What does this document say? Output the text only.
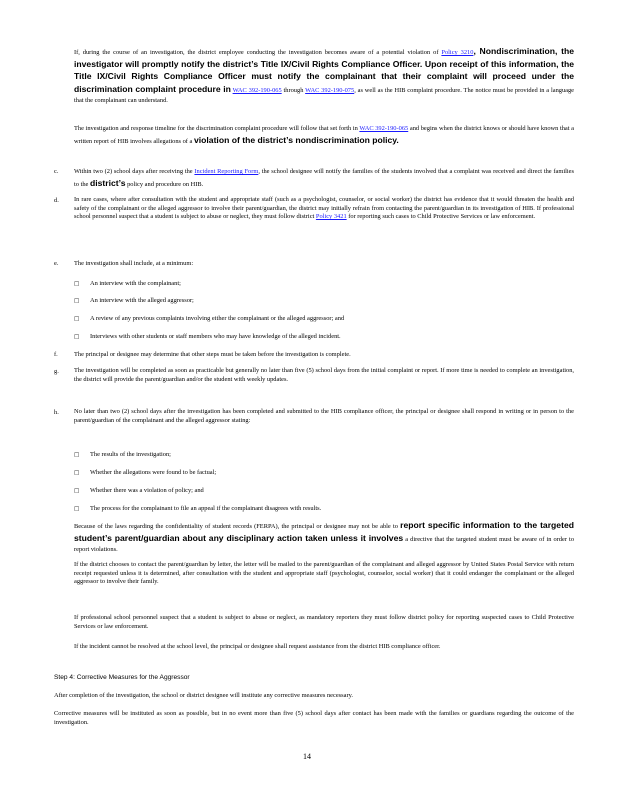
If, during the course of an investigation, the district employee conducting the investigation becomes aware of a potential violation of Policy 3210, Nondiscrimination, the investigator will promptly notify the district’s Title IX/Civil Rights Compliance Officer. Upon receipt of this information, the Title IX/Civil Rights Compliance Officer must notify the complainant that their complaint will proceed under the discrimination complaint procedure in WAC 392-190-065 through WAC 392-190-075, as well as the HIB complaint procedure. The notice must be provided in a language that the complainant can understand.
The investigation and response timeline for the discrimination complaint procedure will follow that set forth in WAC 392-190-065 and begins when the district knows or should have known that a written report of HIB involves allegations of a violation of the district’s nondiscrimination policy.
c.	Within two (2) school days after receiving the Incident Reporting Form, the school designee will notify the families of the students involved that a complaint was received and direct the families to the district’s policy and procedure on HIB.
d.	In rare cases, where after consultation with the student and appropriate staff (such as a psychologist, counselor, or social worker) the district has evidence that it would threaten the health and safety of the complainant or the alleged aggressor to involve their parent/guardian, the district may initially refrain from contacting the parent/guardian in its investigation of HIB. If professional school personnel suspect that a student is subject to abuse or neglect, they must follow district Policy 3421 for reporting such cases to Child Protective Services or law enforcement.
e.	The investigation shall include, at a minimum:
□ An interview with the complainant;
□ An interview with the alleged aggressor;
□ A review of any previous complaints involving either the complainant or the alleged aggressor; and
□ Interviews with other students or staff members who may have knowledge of the alleged incident.
f.	The principal or designee may determine that other steps must be taken before the investigation is complete.
g.	The investigation will be completed as soon as practicable but generally no later than five (5) school days from the initial complaint or report. If more time is needed to complete an investigation, the district will provide the parent/guardian and/or the student with weekly updates.
h.	No later than two (2) school days after the investigation has been completed and submitted to the HIB compliance officer, the principal or designee shall respond in writing or in person to the parent/guardian of the complainant and the alleged aggressor stating:
□ The results of the investigation;
□ Whether the allegations were found to be factual;
□ Whether there was a violation of policy; and
□ The process for the complainant to file an appeal if the complainant disagrees with results.
Because of the laws regarding the confidentiality of student records (FERPA), the principal or designee may not be able to report specific information to the targeted student’s parent/guardian about any disciplinary action taken unless it involves a directive that the targeted student must be aware of in order to report violations.
If the district chooses to contact the parent/guardian by letter, the letter will be mailed to the parent/guardian of the complainant and alleged aggressor by United States Postal Service with return receipt requested unless it is determined, after consultation with the student and appropriate staff (psychologist, counselor, social worker) that it could endanger the complainant or the alleged aggressor to involve their family.
If professional school personnel suspect that a student is subject to abuse or neglect, as mandatory reporters they must follow district policy for reporting suspected cases to Child Protective Services or law enforcement.
If the incident cannot be resolved at the school level, the principal or designee shall request assistance from the district HIB compliance officer.
Step 4: Corrective Measures for the Aggressor
After completion of the investigation, the school or district designee will institute any corrective measures necessary.
Corrective measures will be instituted as soon as possible, but in no event more than five (5) school days after contact has been made with the families or guardians regarding the outcome of the investigation.
14
